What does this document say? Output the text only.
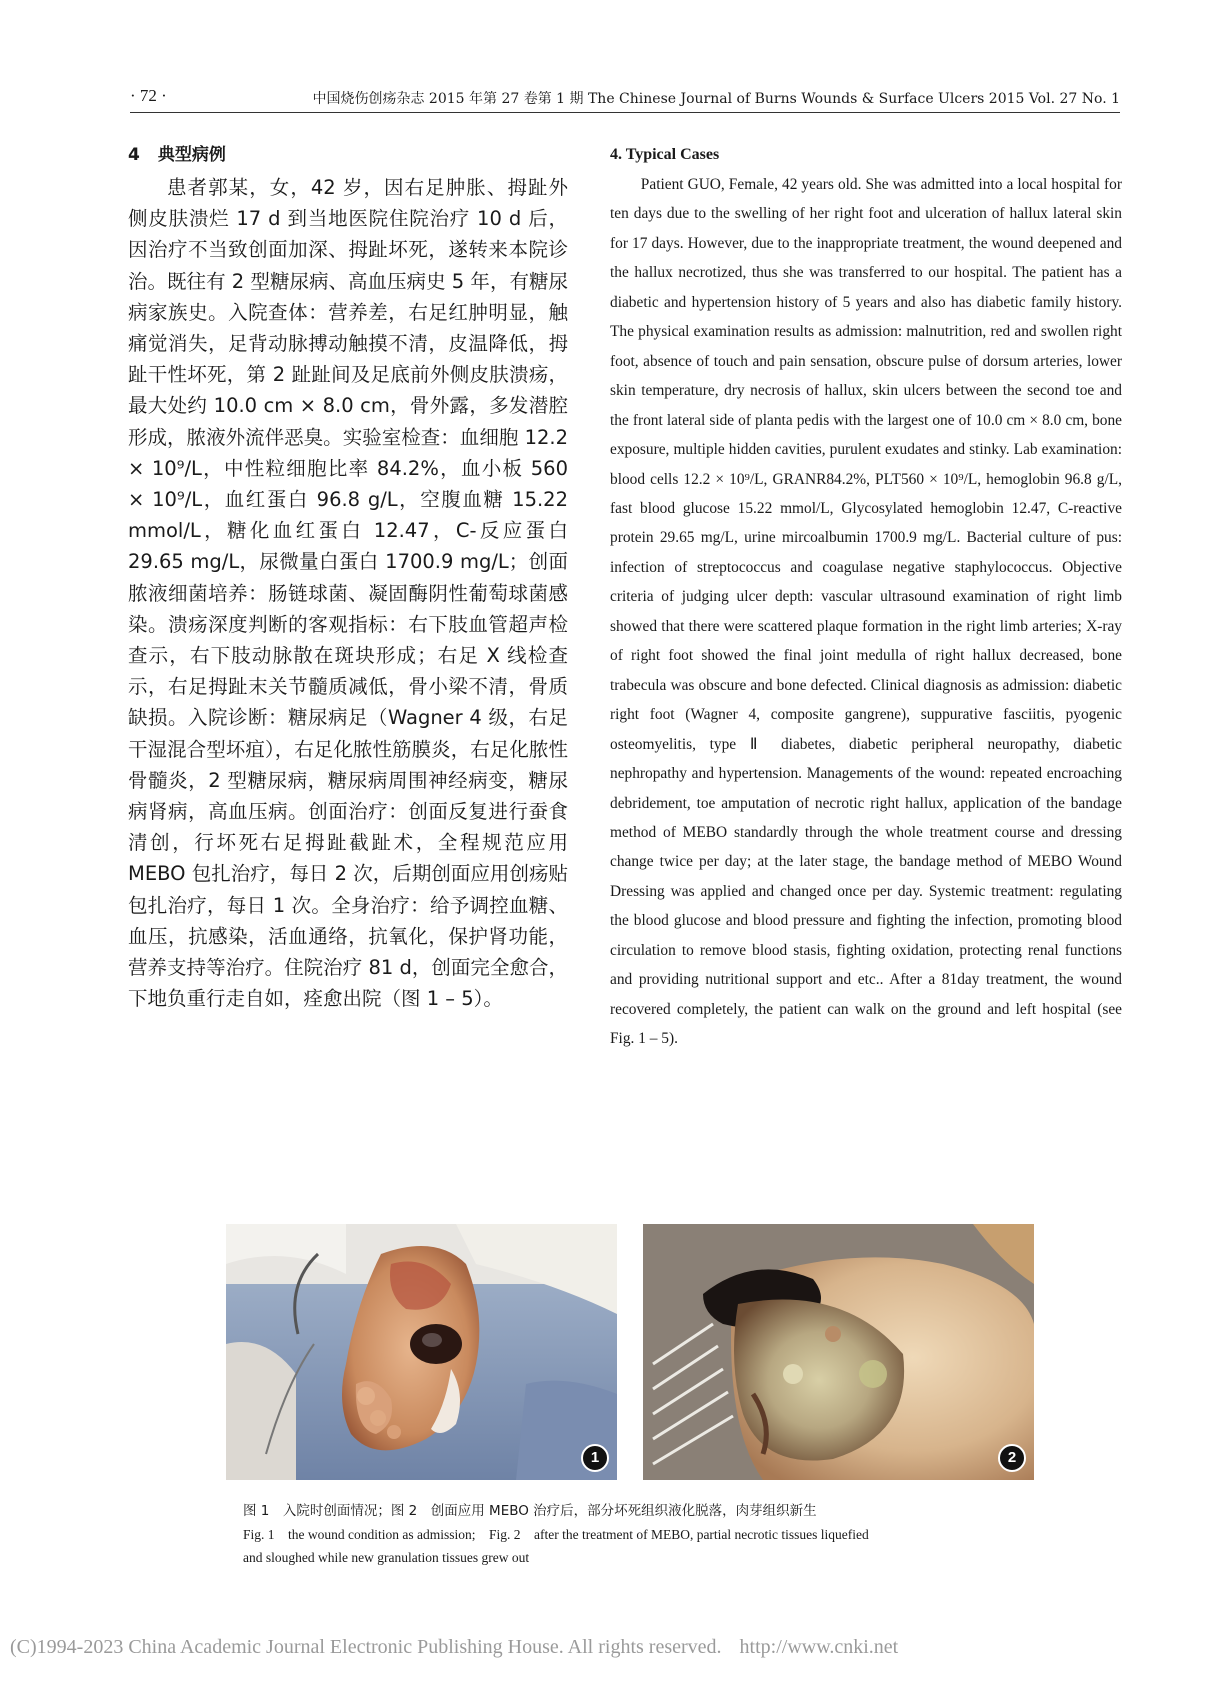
· 72 ·	中国烧伤创疡杂志 2015 年第 27 卷第 1 期 The Chinese Journal of Burns Wounds & Surface Ulcers 2015 Vol. 27 No. 1
4 典型病例

患者郭某，女，42 岁，因右足肿胀、拇趾外侧皮肤溃烂 17 d 到当地医院住院治疗 10 d 后，因治疗不当致创面加深、拇趾坏死，遂转来本院诊治。既往有 2 型糖尿病、高血压病史 5 年，有糖尿病家族史。入院查体：营养差，右足红肿明显，触痛觉消失，足背动脉搏动触摸不清，皮温降低，拇趾干性坏死，第 2 趾趾间及足底前外侧皮肤溃疡，最大处约 10.0 cm × 8.0 cm，骨外露，多发潜腔形成，脓液外流伴恶臭。实验室检查：血细胞 12.2 × 10⁹/L，中性粒细胞比率 84.2%，血小板 560 × 10⁹/L，血红蛋白 96.8 g/L，空腹血糖 15.22 mmol/L，糖化血红蛋白 12.47，C-反应蛋白 29.65 mg/L，尿微量白蛋白 1700.9 mg/L；创面脓液细菌培养：肠链球菌、凝固酶阴性葡萄球菌感染。溃疡深度判断的客观指标：右下肢血管超声检查示，右下肢动脉散在斑块形成；右足 X 线检查示，右足拇趾末关节髓质减低，骨小梁不清，骨质缺损。入院诊断：糖尿病足（Wagner 4 级，右足干湿混合型坏疽），右足化脓性筋膜炎，右足化脓性骨髓炎，2 型糖尿病，糖尿病周围神经病变，糖尿病肾病，高血压病。创面治疗：创面反复进行蚕食清创，行坏死右足拇趾截趾术，全程规范应用 MEBO 包扎治疗，每日 2 次，后期创面应用创疡贴包扎治疗，每日 1 次。全身治疗：给予调控血糖、血压，抗感染，活血通络，抗氧化，保护肾功能，营养支持等治疗。住院治疗 81 d，创面完全愈合，下地负重行走自如，痊愈出院（图 1 – 5）。

4. Typical Cases

Patient GUO, Female, 42 years old. She was admitted into a local hospital for ten days due to the swelling of her right foot and ulceration of hallux lateral skin for 17 days. However, due to the inappropriate treatment, the wound deepened and the hallux necrotized, thus she was transferred to our hospital. The patient has a diabetic and hypertension history of 5 years and also has diabetic family history. The physical examination results as admission: malnutrition, red and swollen right foot, absence of touch and pain sensation, obscure pulse of dorsum arteries, lower skin temperature, dry necrosis of hallux, skin ulcers between the second toe and the front lateral side of planta pedis with the largest one of 10.0 cm × 8.0 cm, bone exposure, multiple hidden cavities, purulent exudates and stinky. Lab examination: blood cells 12.2 × 10⁹/L, GRANR84.2%, PLT560 × 10⁹/L, hemoglobin 96.8 g/L, fast blood glucose 15.22 mmol/L, Glycosylated hemoglobin 12.47, C-reactive protein 29.65 mg/L, urine mircoalbumin 1700.9 mg/L. Bacterial culture of pus: infection of streptococcus and coagulase negative staphylococcus. Objective criteria of judging ulcer depth: vascular ultrasound examination of right limb showed that there were scattered plaque formation in the right limb arteries; X-ray of right foot showed the final joint medulla of right hallux decreased, bone trabecula was obscure and bone defected. Clinical diagnosis as admission: diabetic right foot (Wagner 4, composite gangrene), suppurative fasciitis, pyogenic osteomyelitis, type Ⅱ diabetes, diabetic peripheral neuropathy, diabetic nephropathy and hypertension. Managements of the wound: repeated encroaching debridement, toe amputation of necrotic right hallux, application of the bandage method of MEBO standardly through the whole treatment course and dressing change twice per day; at the later stage, the bandage method of MEBO Wound Dressing was applied and changed once per day. Systemic treatment: regulating the blood glucose and blood pressure and fighting the infection, promoting blood circulation to remove blood stasis, fighting oxidation, protecting renal functions and providing nutritional support and etc.. After a 81day treatment, the wound recovered completely, the patient can walk on the ground and left hospital (see Fig. 1 – 5).

1	2
图 1　入院时创面情况；图 2　创面应用 MEBO 治疗后，部分坏死组织液化脱落，肉芽组织新生
Fig. 1　the wound condition as admission;　Fig. 2　after the treatment of MEBO, partial necrotic tissues liquefied
and sloughed while new granulation tissues grew out
(C)1994-2023 China Academic Journal Electronic Publishing House. All rights reserved. http://www.cnki.net
